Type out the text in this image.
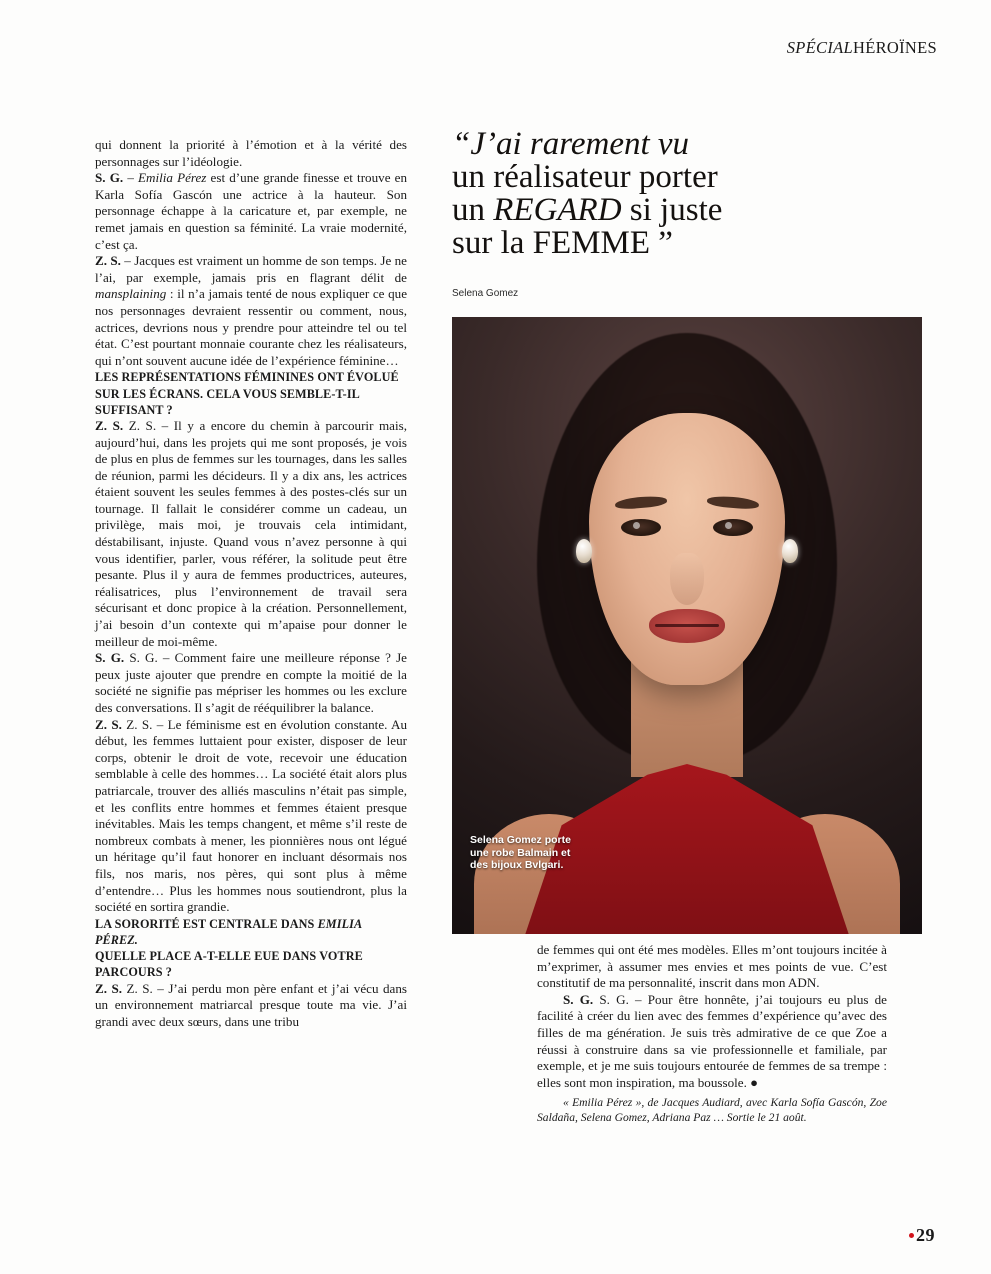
SPÉCIALHÉROÏNES

qui donnent la priorité à l’émotion et à la vérité des personnages sur l’idéologie.

S. G. – Emilia Pérez est d’une grande finesse et trouve en Karla Sofía Gascón une actrice à la hauteur. Son personnage échappe à la caricature et, par exemple, ne remet jamais en question sa féminité. La vraie modernité, c’est ça.

Z. S. – Jacques est vraiment un homme de son temps. Je ne l’ai, par exemple, jamais pris en flagrant délit de mansplaining : il n’a jamais tenté de nous expliquer ce que nos personnages devraient ressentir ou comment, nous, actrices, devrions nous y prendre pour atteindre tel ou tel état. C’est pourtant monnaie courante chez les réalisateurs, qui n’ont souvent aucune idée de l’expérience féminine…

LES REPRÉSENTATIONS FÉMININES ONT ÉVOLUÉ SUR LES ÉCRANS. CELA VOUS SEMBLE-T-IL SUFFISANT ?

Z. S. Z. S. – Il y a encore du chemin à parcourir mais, aujourd’hui, dans les projets qui me sont proposés, je vois de plus en plus de femmes sur les tournages, dans les salles de réunion, parmi les décideurs. Il y a dix ans, les actrices étaient souvent les seules femmes à des postes-clés sur un tournage. Il fallait le considérer comme un cadeau, un privilège, mais moi, je trouvais cela intimidant, déstabilisant, injuste. Quand vous n’avez personne à qui vous identifier, parler, vous référer, la solitude peut être pesante. Plus il y aura de femmes productrices, auteures, réalisatrices, plus l’environnement de travail sera sécurisant et donc propice à la création. Personnellement, j’ai besoin d’un contexte qui m’apaise pour donner le meilleur de moi-même.

S. G. S. G. – Comment faire une meilleure réponse ? Je peux juste ajouter que prendre en compte la moitié de la société ne signifie pas mépriser les hommes ou les exclure des conversations. Il s’agit de rééquilibrer la balance.

Z. S. Z. S. – Le féminisme est en évolution constante. Au début, les femmes luttaient pour exister, disposer de leur corps, obtenir le droit de vote, recevoir une éducation semblable à celle des hommes… La société était alors plus patriarcale, trouver des alliés masculins n’était pas simple, et les conflits entre hommes et femmes étaient presque inévitables. Mais les temps changent, et même s’il reste de nombreux combats à mener, les pionnières nous ont légué un héritage qu’il faut honorer en incluant désormais nos fils, nos maris, nos pères, qui sont plus à même d’entendre… Plus les hommes nous soutiendront, plus la société en sortira grandie.

LA SORORITÉ EST CENTRALE DANS EMILIA PÉREZ.
QUELLE PLACE A-T-ELLE EUE DANS VOTRE PARCOURS ?

Z. S. Z. S. – J’ai perdu mon père enfant et j’ai vécu dans un environnement matriarcal presque toute ma vie. J’ai grandi avec deux sœurs, dans une tribu

“J’ai rarement vu
un réalisateur porter
un REGARD si juste
sur la FEMME ”
Selena Gomez
Selena Gomez porte une robe Balmain et des bijoux Bvlgari.

de femmes qui ont été mes modèles. Elles m’ont toujours incitée à m’exprimer, à assumer mes envies et mes points de vue. C’est constitutif de ma personnalité, inscrit dans mon ADN.

S. G. S. G. – Pour être honnête, j’ai toujours eu plus de facilité à créer du lien avec des femmes d’expérience qu’avec des filles de ma génération. Je suis très admirative de ce que Zoe a réussi à construire dans sa vie professionnelle et familiale, par exemple, et je me suis toujours entourée de femmes de sa trempe : elles sont mon inspiration, ma boussole. ●

« Emilia Pérez », de Jacques Audiard, avec Karla Sofía Gascón, Zoe Saldaña, Selena Gomez, Adriana Paz … Sortie le 21 août.

29
